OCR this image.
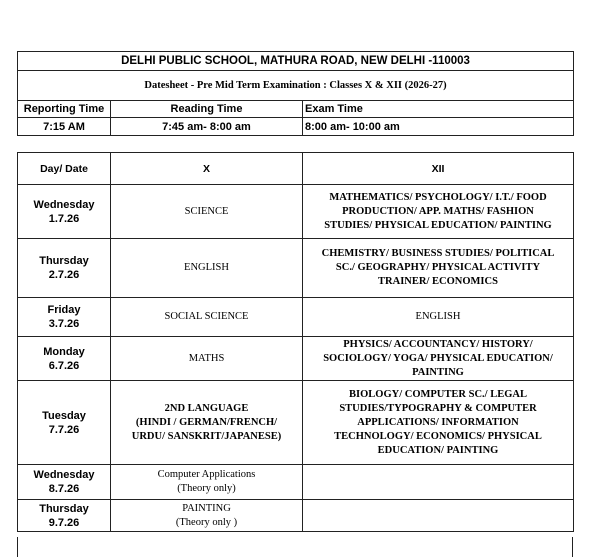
DELHI PUBLIC SCHOOL, MATHURA ROAD, NEW DELHI -110003		
Datesheet - Pre Mid Term Examination : Classes X & XII (2026-27)		
Reporting Time	Reading Time	Exam Time
7:15 AM	7:45 am- 8:00 am	8:00 am- 10:00 am
Day/ Date	X	XII

Wednesday
1.7.26	SCIENCE	MATHEMATICS/ PSYCHOLOGY/ I.T./ FOOD
PRODUCTION/ APP. MATHS/ FASHION
STUDIES/ PHYSICAL EDUCATION/ PAINTING

Thursday
2.7.26	ENGLISH	CHEMISTRY/ BUSINESS STUDIES/ POLITICAL
SC./ GEOGRAPHY/ PHYSICAL ACTIVITY
TRAINER/ ECONOMICS

Friday
3.7.26	SOCIAL SCIENCE	ENGLISH

Monday
6.7.26	MATHS	PHYSICS/ ACCOUNTANCY/ HISTORY/
SOCIOLOGY/ YOGA/ PHYSICAL EDUCATION/
PAINTING

Tuesday
7.7.26	2ND LANGUAGE
(HINDI / GERMAN/FRENCH/
URDU/ SANSKRIT/JAPANESE)	BIOLOGY/ COMPUTER SC./ LEGAL
STUDIES/TYPOGRAPHY & COMPUTER
APPLICATIONS/ INFORMATION
TECHNOLOGY/ ECONOMICS/ PHYSICAL
EDUCATION/ PAINTING

Wednesday
8.7.26	Computer Applications
(Theory only)	

Thursday
9.7.26	PAINTING
(Theory only )	
